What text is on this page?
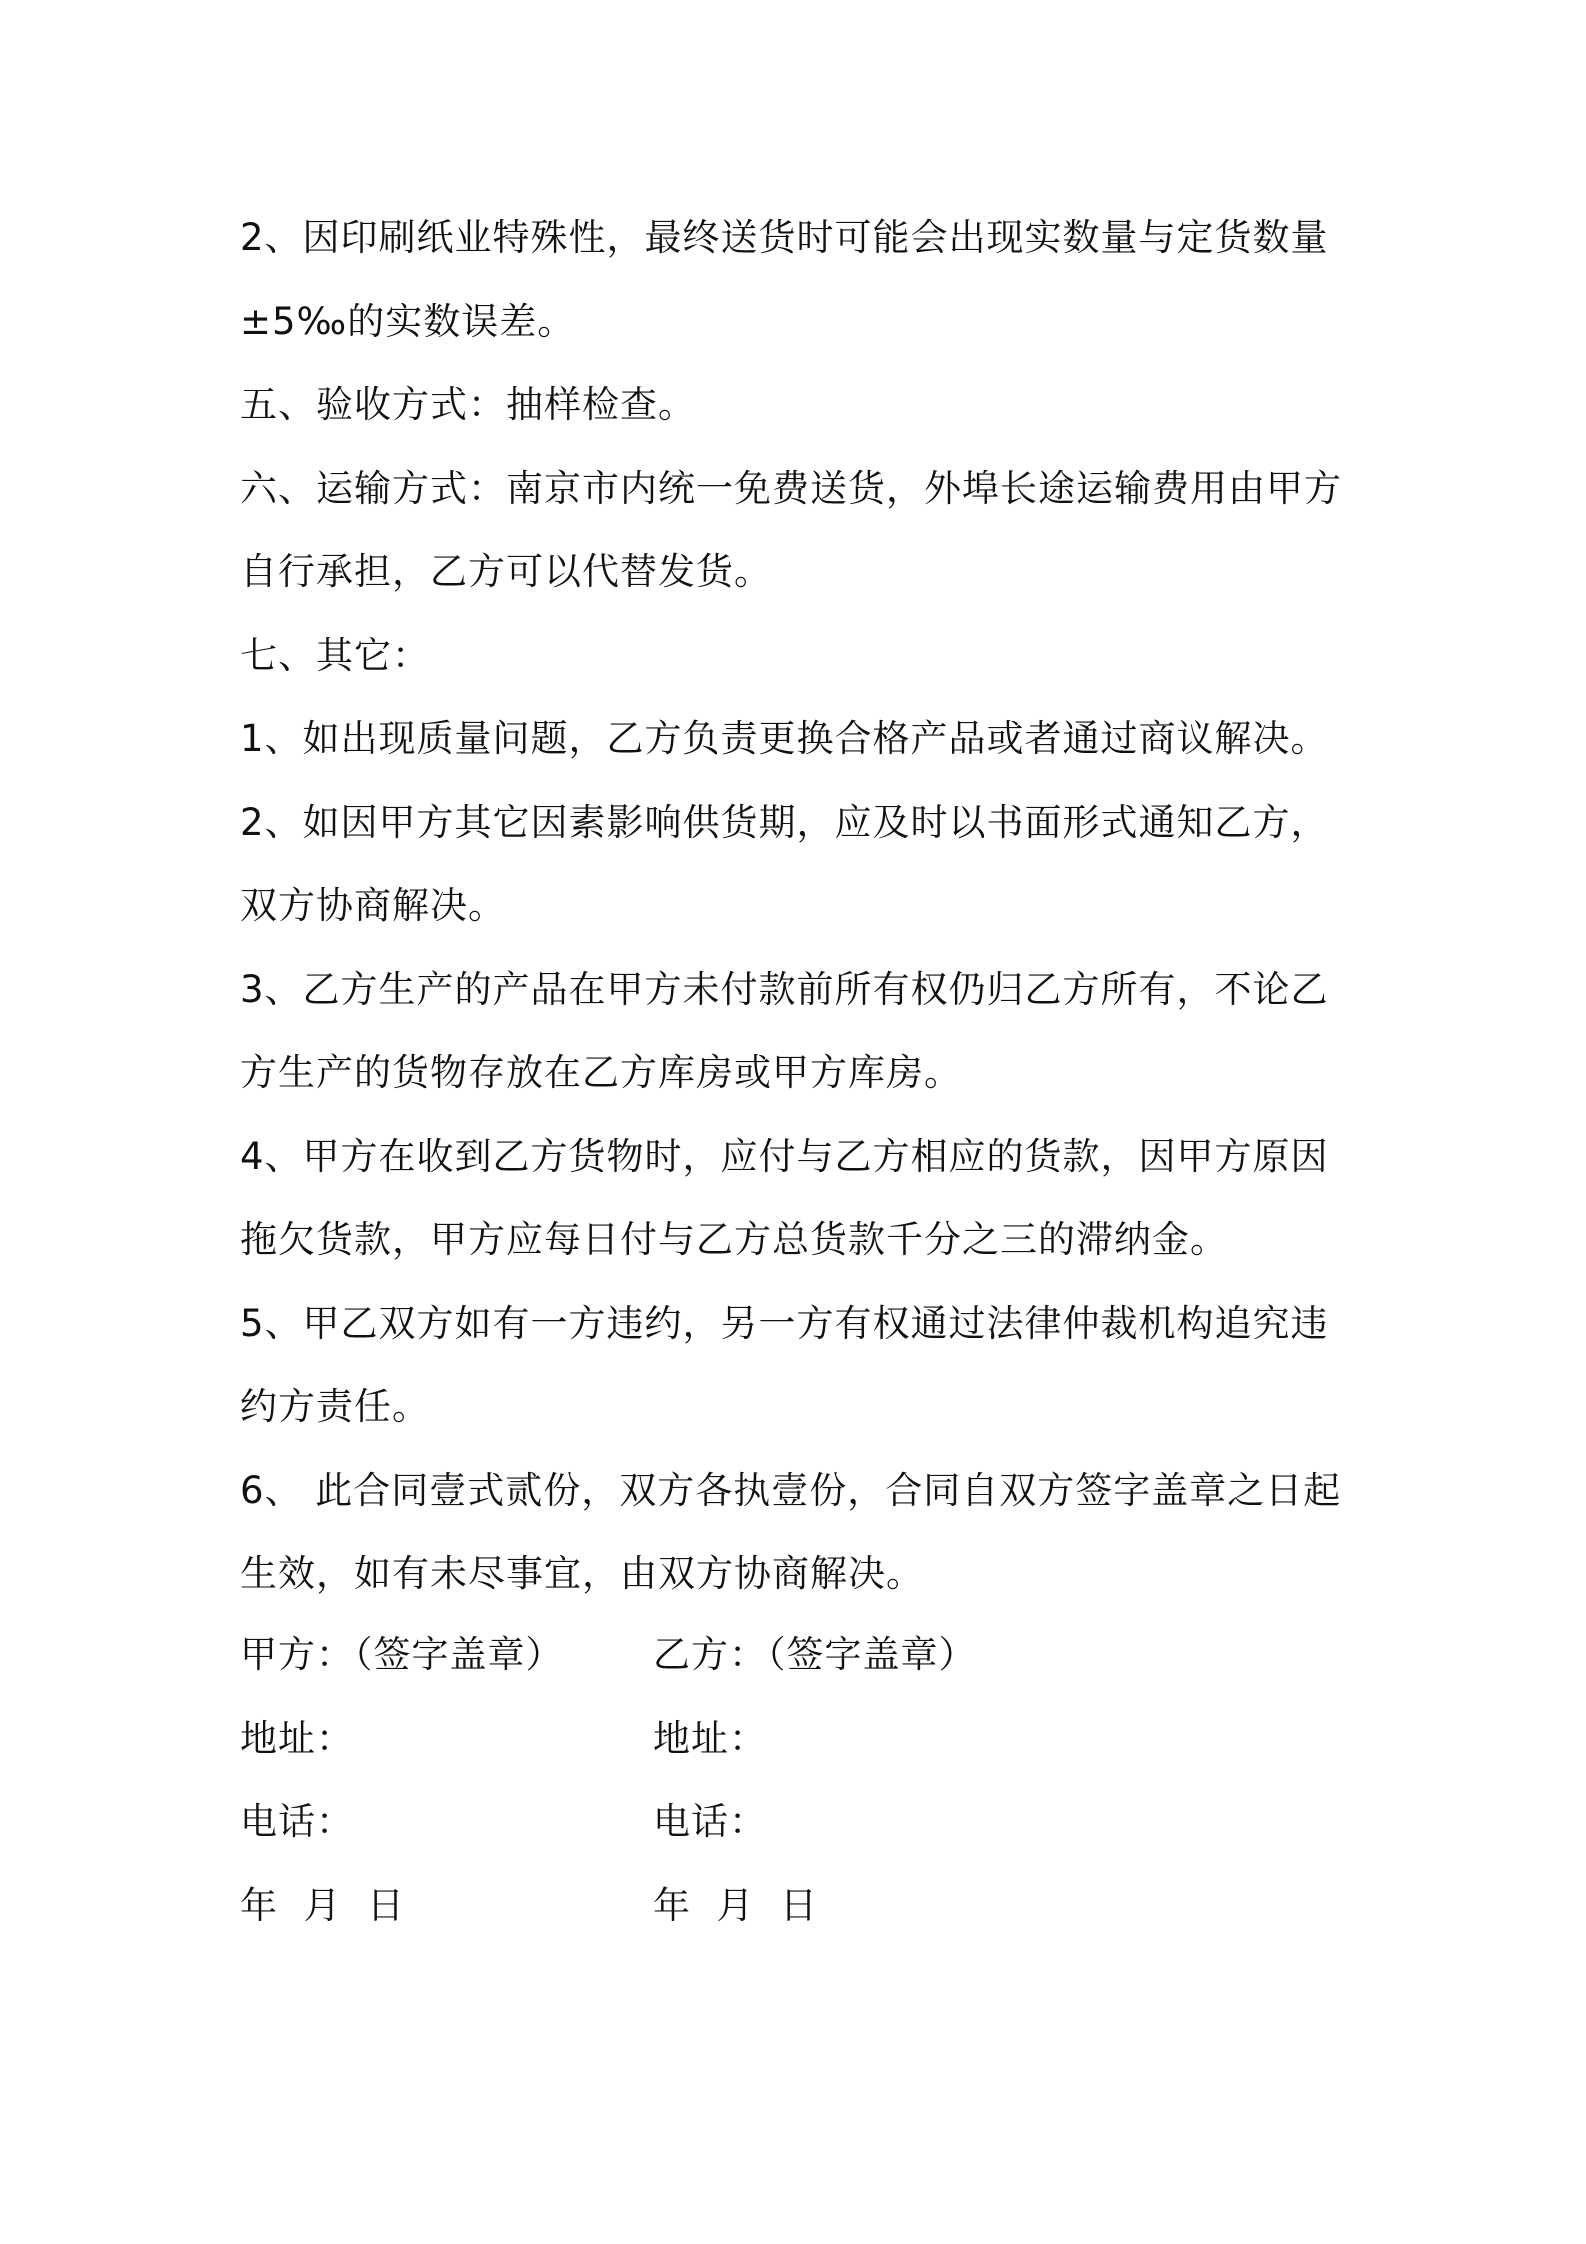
2、因印刷纸业特殊性，最终送货时可能会出现实数量与定货数量±5‰的实数误差。

五、验收方式：抽样检查。

六、运输方式：南京市内统一免费送货，外埠长途运输费用由甲方自行承担，乙方可以代替发货。

七、其它：

1、如出现质量问题，乙方负责更换合格产品或者通过商议解决。

2、如因甲方其它因素影响供货期，应及时以书面形式通知乙方，双方协商解决。

3、乙方生产的产品在甲方未付款前所有权仍归乙方所有，不论乙方生产的货物存放在乙方库房或甲方库房。

4、甲方在收到乙方货物时，应付与乙方相应的货款，因甲方原因拖欠货款，甲方应每日付与乙方总货款千分之三的滞纳金。

5、甲乙双方如有一方违约，另一方有权通过法律仲裁机构追究违约方责任。

6、 此合同壹式贰份，双方各执壹份，合同自双方签字盖章之日起生效，如有未尽事宜，由双方协商解决。

甲方：（签字盖章）	乙方：（签字盖章）
地址：	地址：
电话：	电话：
年  月  日	年  月  日
